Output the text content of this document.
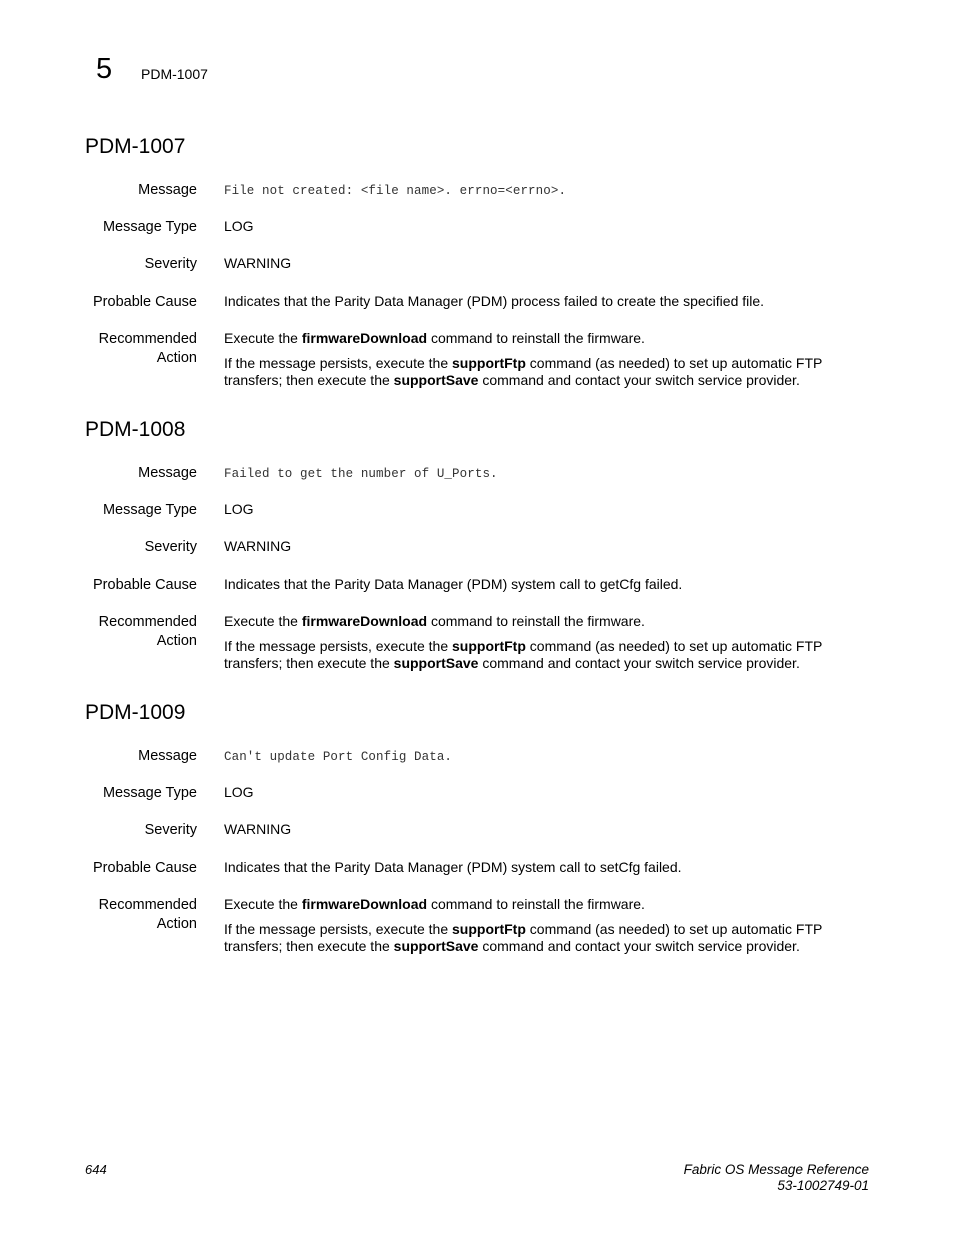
5 PDM-1007
PDM-1007
Message File not created: <file name>. errno=<errno>.
Message Type LOG
Severity WARNING
Probable Cause Indicates that the Parity Data Manager (PDM) process failed to create the specified file.
Recommended
Action
Execute the firmwareDownload command to reinstall the firmware.
If the message persists, execute the supportFtp command (as needed) to set up automatic FTP transfers; then execute the supportSave command and contact your switch service provider.
PDM-1008
Message Failed to get the number of U_Ports.
Message Type LOG
Severity WARNING
Probable Cause Indicates that the Parity Data Manager (PDM) system call to getCfg failed.
Recommended
Action
Execute the firmwareDownload command to reinstall the firmware.
If the message persists, execute the supportFtp command (as needed) to set up automatic FTP transfers; then execute the supportSave command and contact your switch service provider.
PDM-1009
Message Can't update Port Config Data.
Message Type LOG
Severity WARNING
Probable Cause Indicates that the Parity Data Manager (PDM) system call to setCfg failed.
Recommended
Action
Execute the firmwareDownload command to reinstall the firmware.
If the message persists, execute the supportFtp command (as needed) to set up automatic FTP transfers; then execute the supportSave command and contact your switch service provider.
644	Fabric OS Message Reference
53-1002749-01
